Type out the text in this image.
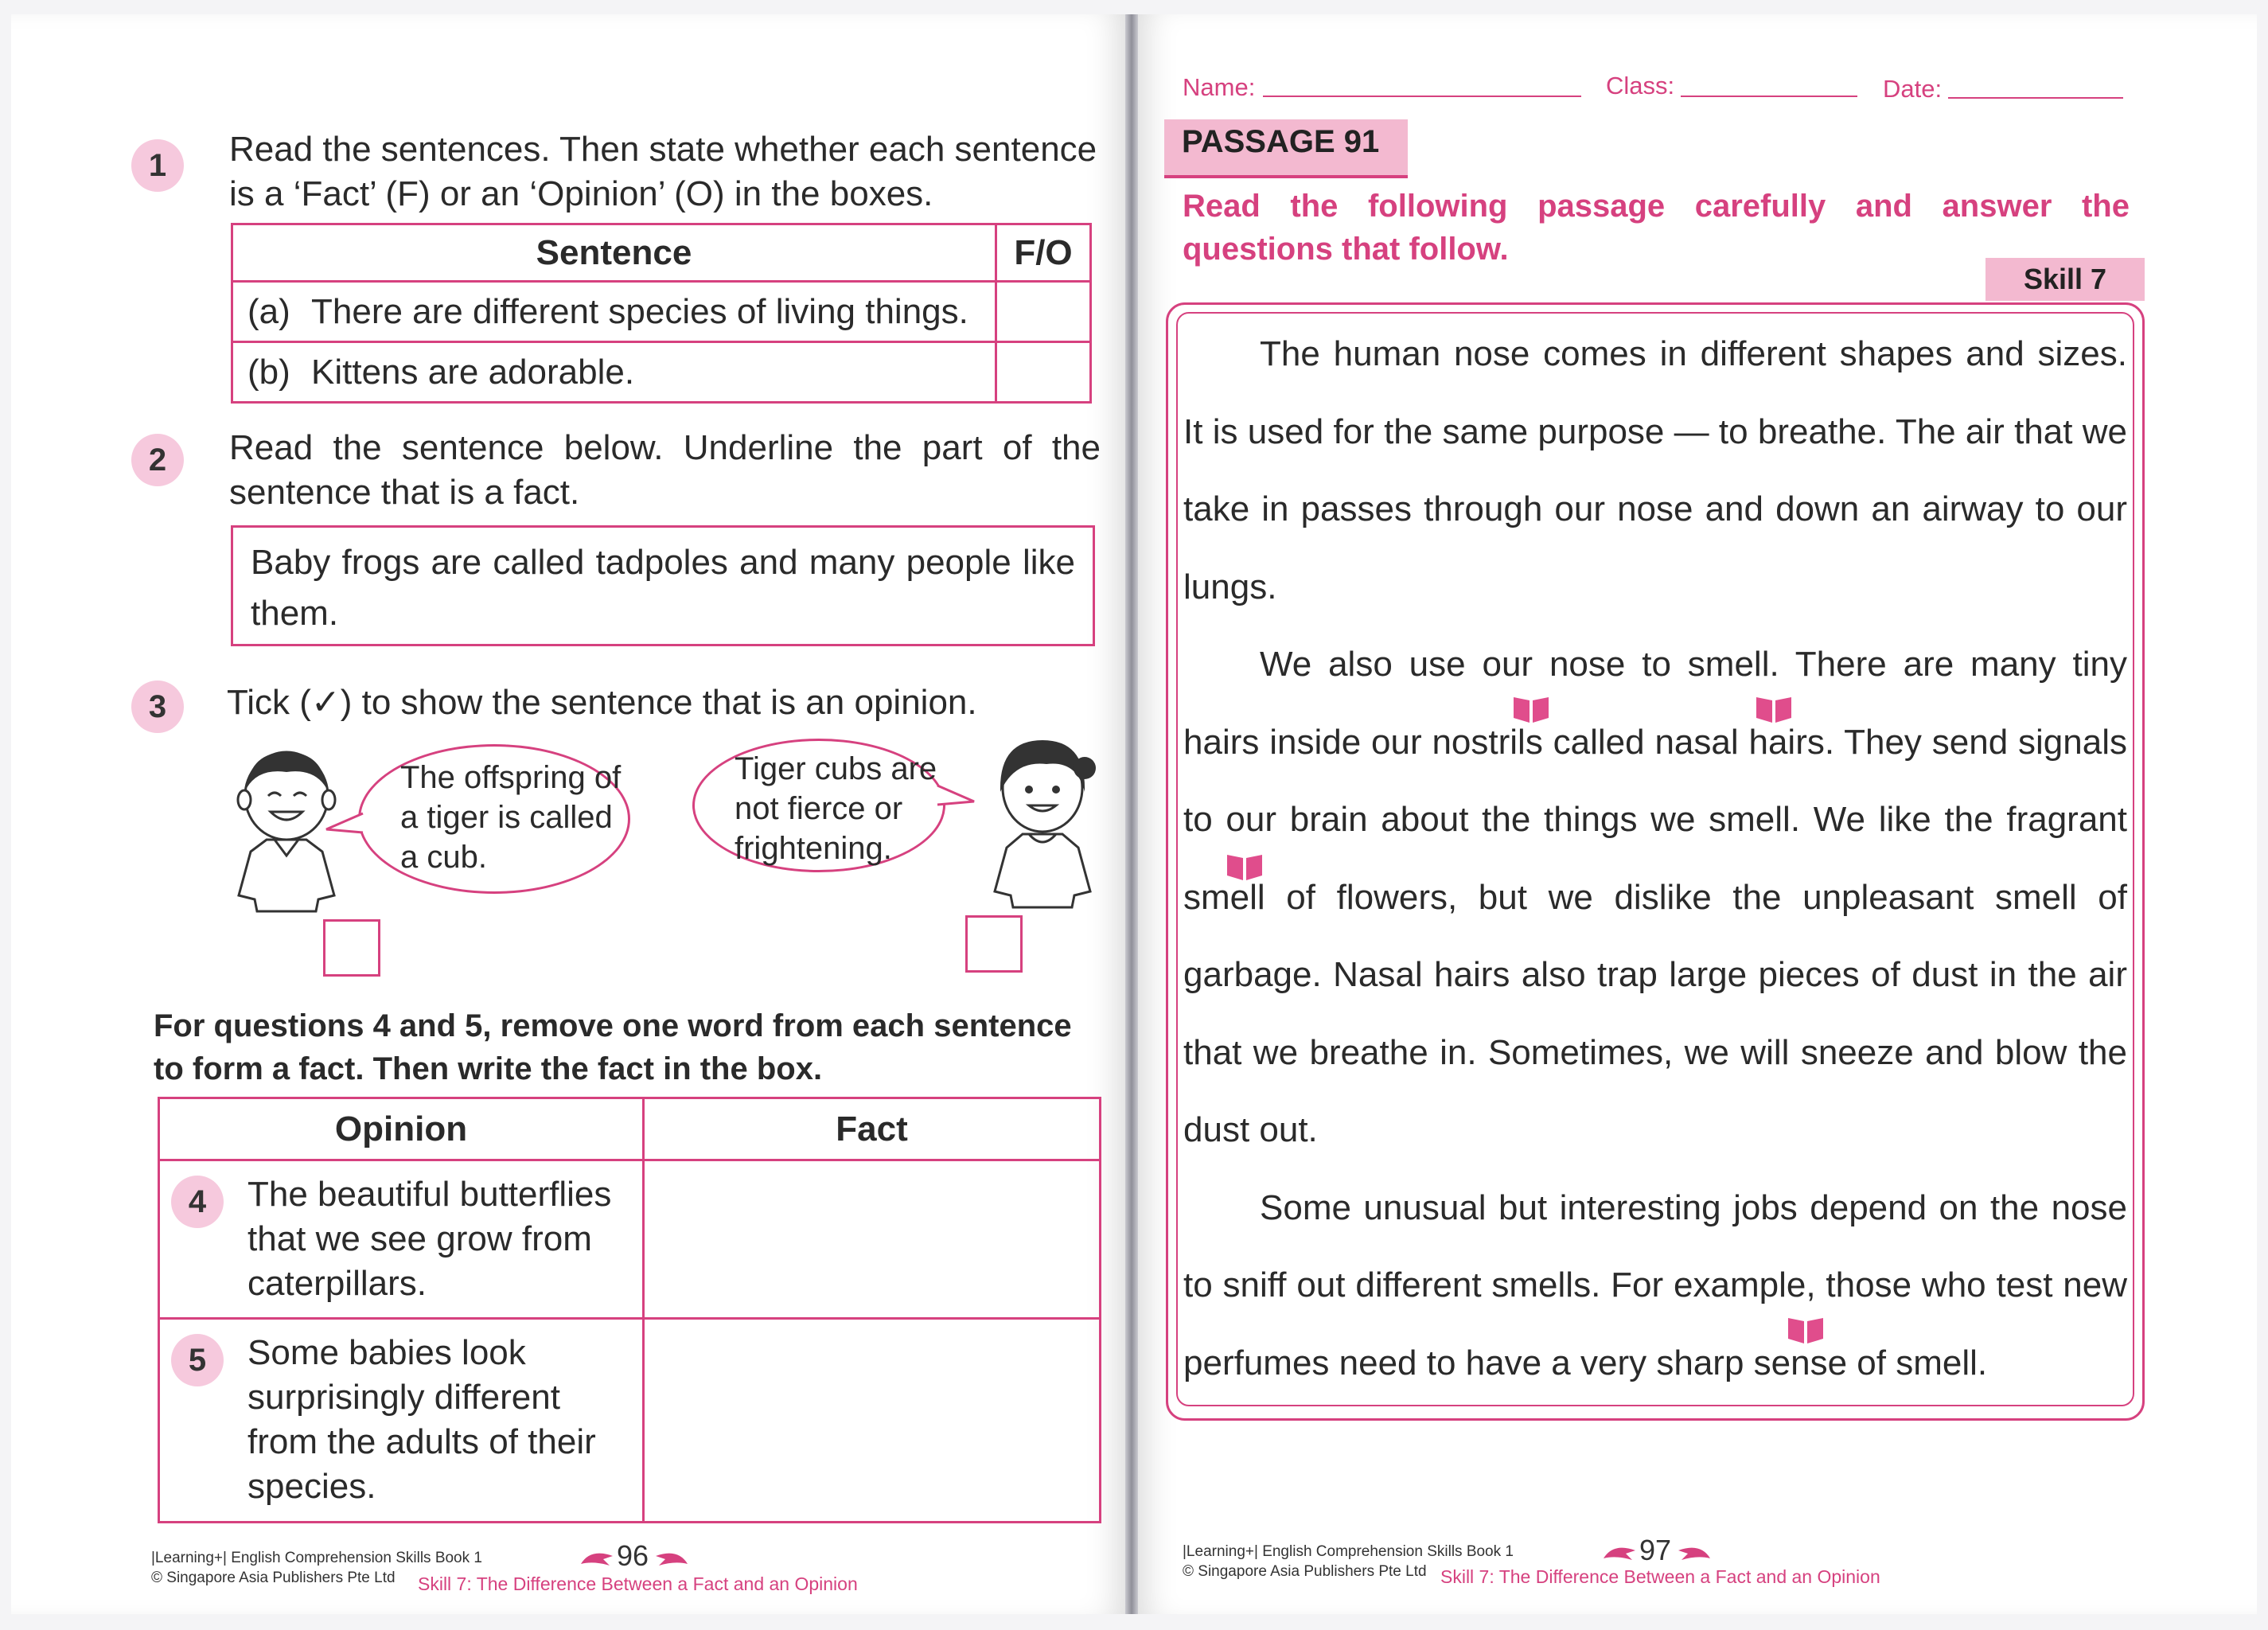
1	Read the sentences. Then state whether each sentence is a ‘Fact’ (F) or an ‘Opinion’ (O) in the boxes.
Sentence	F/O
(a) There are different species of living things.	
(b) Kittens are adorable.	
2	Read the sentence below. Underline the part of the sentence that is a fact.
Baby frogs are called tadpoles and many people like them.
3	Tick (✓) to show the sentence that is an opinion.
The offspring of a tiger is called a cub.
Tiger cubs are not fierce or frightening.
For questions 4 and 5, remove one word from each sentence to form a fact. Then write the fact in the box.
Opinion	Fact

4 The beautiful butterflies that we see grow from caterpillars.	

5 Some babies look surprisingly different from the adults of their species.	
|Learning+| English Comprehension Skills Book 1
© Singapore Asia Publishers Pte Ltd
96
Skill 7: The Difference Between a Fact and an Opinion
Name:	Class:	Date:
PASSAGE 91
Read the following passage carefully and answer the questions that follow.
Skill 7

The human nose comes in different shapes and sizes. It is used for the same purpose — to breathe. The air that we take in passes through our nose and down an airway to our lungs.

We also use our nose to smell. There are many tiny hairs inside our nostrils called nasal hairs. They send signals to our brain about the things we smell. We like the fragrant smell of flowers, but we dislike the unpleasant smell of garbage. Nasal hairs also trap large pieces of dust in the air that we breathe in. Sometimes, we will sneeze and blow the dust out.

Some unusual but interesting jobs depend on the nose to sniff out different smells. For example, those who test new perfumes need to have a very sharp sense of smell.

|Learning+| English Comprehension Skills Book 1
© Singapore Asia Publishers Pte Ltd
97
Skill 7: The Difference Between a Fact and an Opinion
